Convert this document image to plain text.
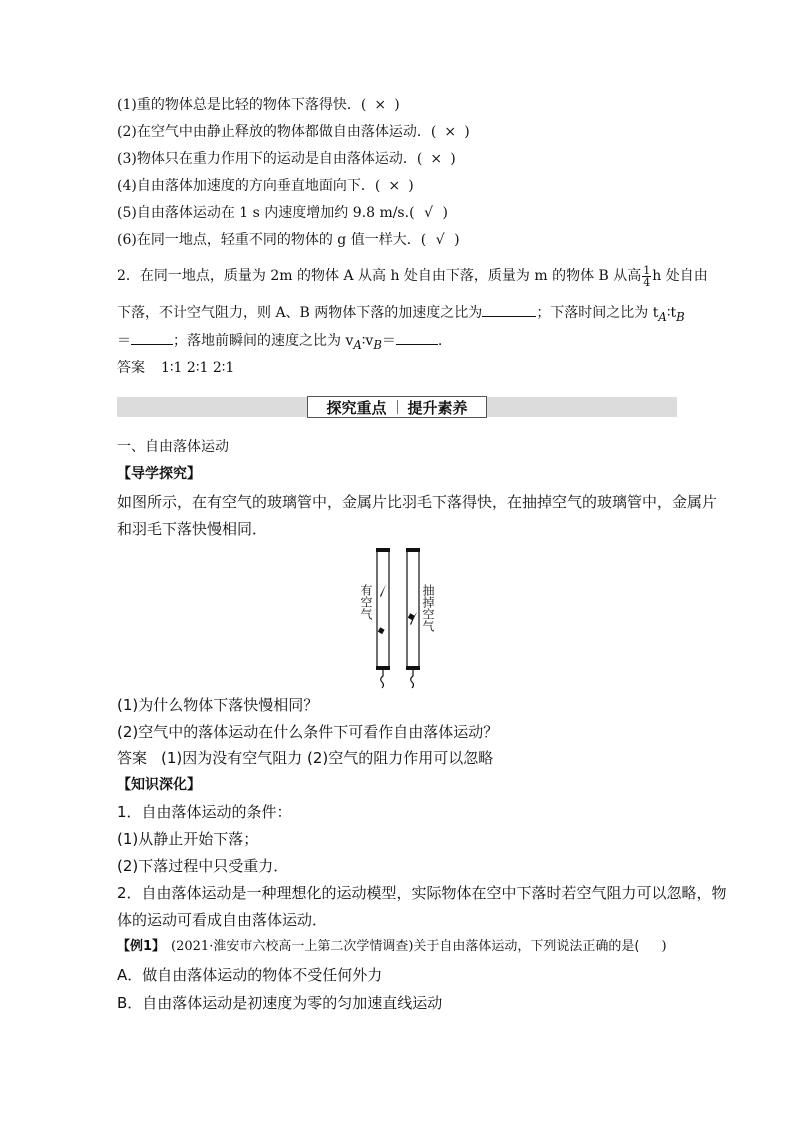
(1)重的物体总是比轻的物体下落得快．( × )
(2)在空气中由静止释放的物体都做自由落体运动．( × )
(3)物体只在重力作用下的运动是自由落体运动．( × )
(4)自由落体加速度的方向垂直地面向下．( × )
(5)自由落体运动在 1 s 内速度增加约 9.8 m/s.( √ )
(6)在同一地点，轻重不同的物体的 g 值一样大．( √ )
2．在同一地点，质量为 2m 的物体 A 从高 h 处自由下落，质量为 m 的物体 B 从高 $\frac{1}{4}$ h 处自由
下落，不计空气阻力，则 A、B 两物体下落的加速度之比为	；下落时间之比为 $t_A∶t_B$
＝	；落地前瞬间的速度之比为 $v_A∶v_B=$	.
答案 1∶1 2∶1 2∶1
探究重点 提升素养
一、自由落体运动
【导学探究】
如图所示，在有空气的玻璃管中，金属片比羽毛下落得快，在抽掉空气的玻璃管中，金属片
和羽毛下落快慢相同．
有空气	抽掉空气
(1)为什么物体下落快慢相同？
(2)空气中的落体运动在什么条件下可看作自由落体运动？
答案 (1)因为没有空气阻力 (2)空气的阻力作用可以忽略
【知识深化】
1．自由落体运动的条件：
(1)从静止开始下落；
(2)下落过程中只受重力．
2．自由落体运动是一种理想化的运动模型，实际物体在空中下落时若空气阻力可以忽略，物
体的运动可看成自由落体运动．
【例1】 (2021·淮安市六校高一上第二次学情调查)关于自由落体运动，下列说法正确的是( )
A．做自由落体运动的物体不受任何外力
B．自由落体运动是初速度为零的匀加速直线运动
